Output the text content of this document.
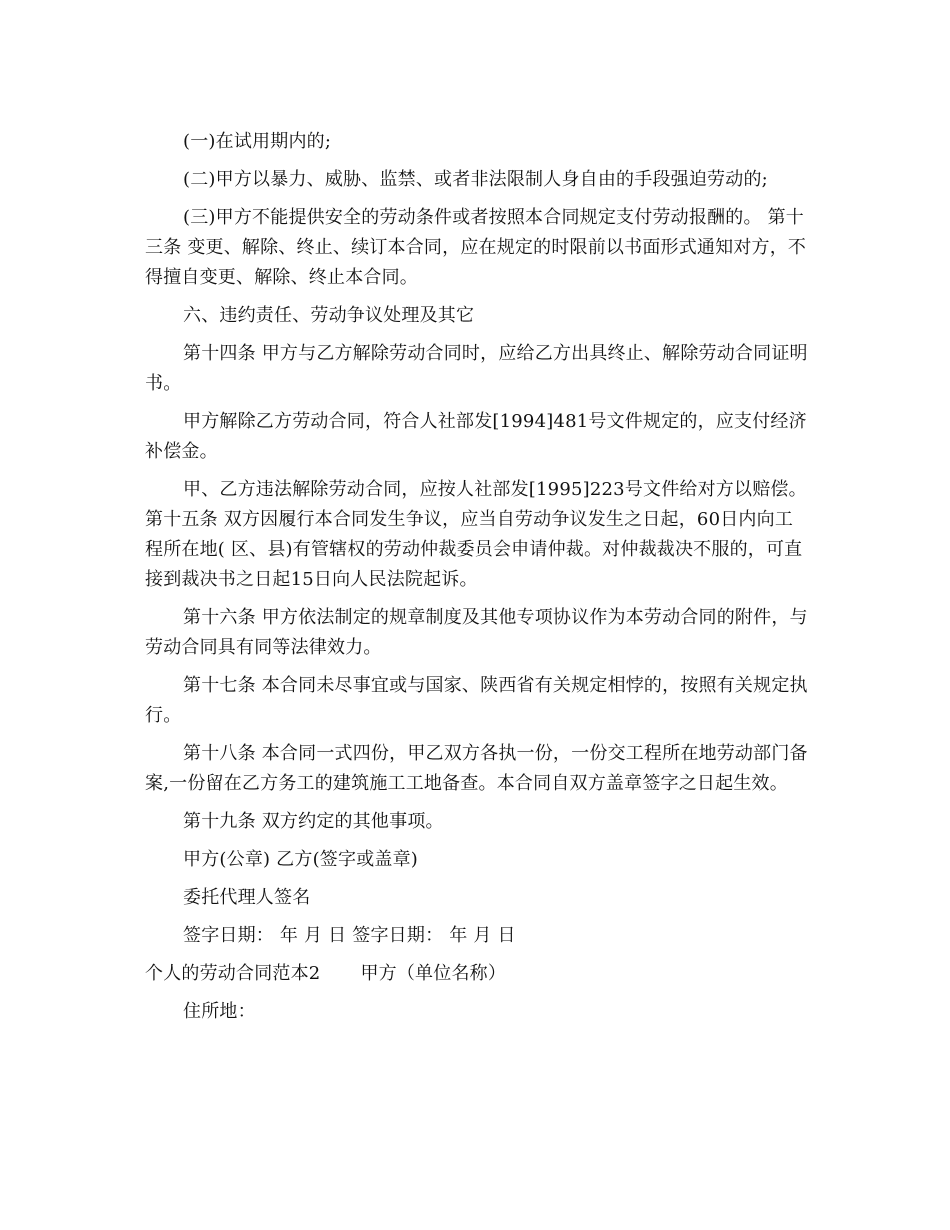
(一)在试用期内的;

(二)甲方以暴力、威胁、监禁、或者非法限制人身自由的手段强迫劳动的;

(三)甲方不能提供安全的劳动条件或者按照本合同规定支付劳动报酬的。 第十三条 变更、解除、终止、续订本合同，应在规定的时限前以书面形式通知对方，不得擅自变更、解除、终止本合同。

六、违约责任、劳动争议处理及其它

第十四条 甲方与乙方解除劳动合同时，应给乙方出具终止、解除劳动合同证明书。

甲方解除乙方劳动合同，符合人社部发[1994]481号文件规定的，应支付经济补偿金。

甲、乙方违法解除劳动合同，应按人社部发[1995]223号文件给对方以赔偿。 第十五条 双方因履行本合同发生争议，应当自劳动争议发生之日起，60日内向工程所在地( 区、县)有管辖权的劳动仲裁委员会申请仲裁。对仲裁裁决不服的，可直接到裁决书之日起15日向人民法院起诉。

第十六条 甲方依法制定的规章制度及其他专项协议作为本劳动合同的附件，与劳动合同具有同等法律效力。

第十七条 本合同未尽事宜或与国家、陕西省有关规定相悖的，按照有关规定执行。

第十八条 本合同一式四份，甲乙双方各执一份，一份交工程所在地劳动部门备案,一份留在乙方务工的建筑施工工地备查。本合同自双方盖章签字之日起生效。

第十九条 双方约定的其他事项。

甲方(公章) 乙方(签字或盖章)

委托代理人签名

签字日期： 年 月 日 签字日期： 年 月 日

个人的劳动合同范本2 甲方（单位名称）

住所地：
